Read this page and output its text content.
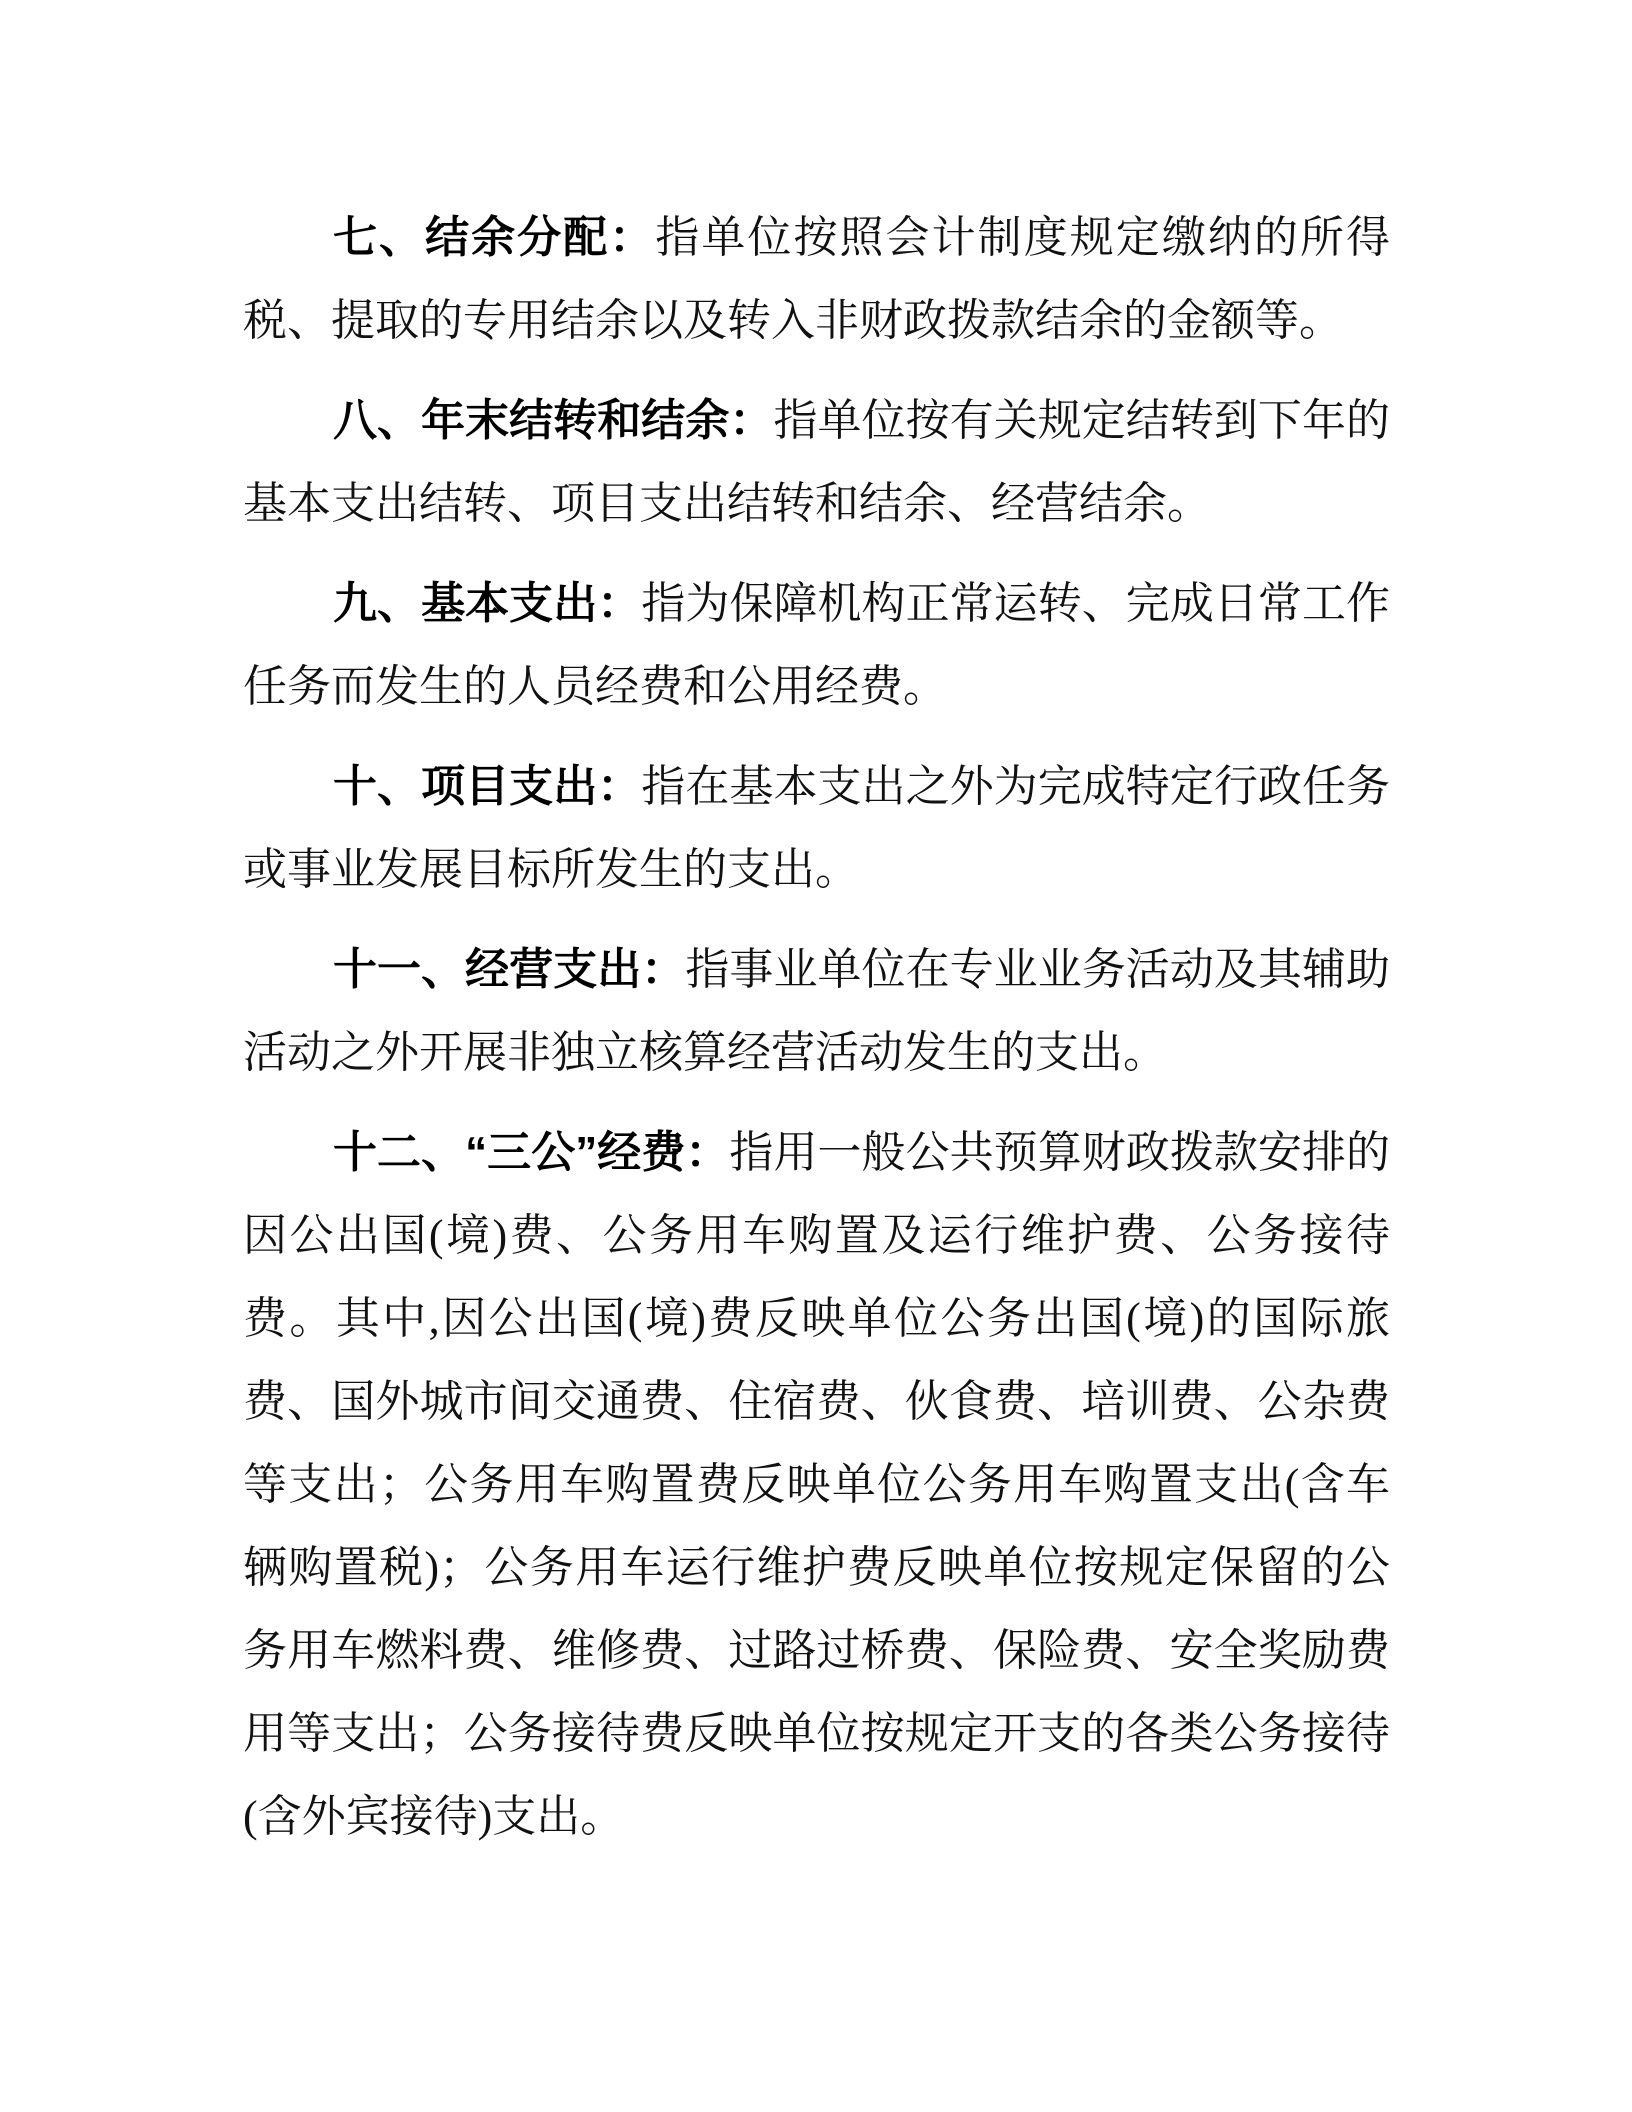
七、结余分配：指单位按照会计制度规定缴纳的所得税、提取的专用结余以及转入非财政拨款结余的金额等。

八、年末结转和结余：指单位按有关规定结转到下年的基本支出结转、项目支出结转和结余、经营结余。

九、基本支出：指为保障机构正常运转、完成日常工作任务而发生的人员经费和公用经费。

十、项目支出：指在基本支出之外为完成特定行政任务或事业发展目标所发生的支出。

十一、经营支出：指事业单位在专业业务活动及其辅助活动之外开展非独立核算经营活动发生的支出。

十二、“三公”经费：指用一般公共预算财政拨款安排的因公出国(境)费、公务用车购置及运行维护费、公务接待费。其中,因公出国(境)费反映单位公务出国(境)的国际旅费、国外城市间交通费、住宿费、伙食费、培训费、公杂费等支出；公务用车购置费反映单位公务用车购置支出(含车辆购置税)；公务用车运行维护费反映单位按规定保留的公务用车燃料费、维修费、过路过桥费、保险费、安全奖励费用等支出；公务接待费反映单位按规定开支的各类公务接待(含外宾接待)支出。
